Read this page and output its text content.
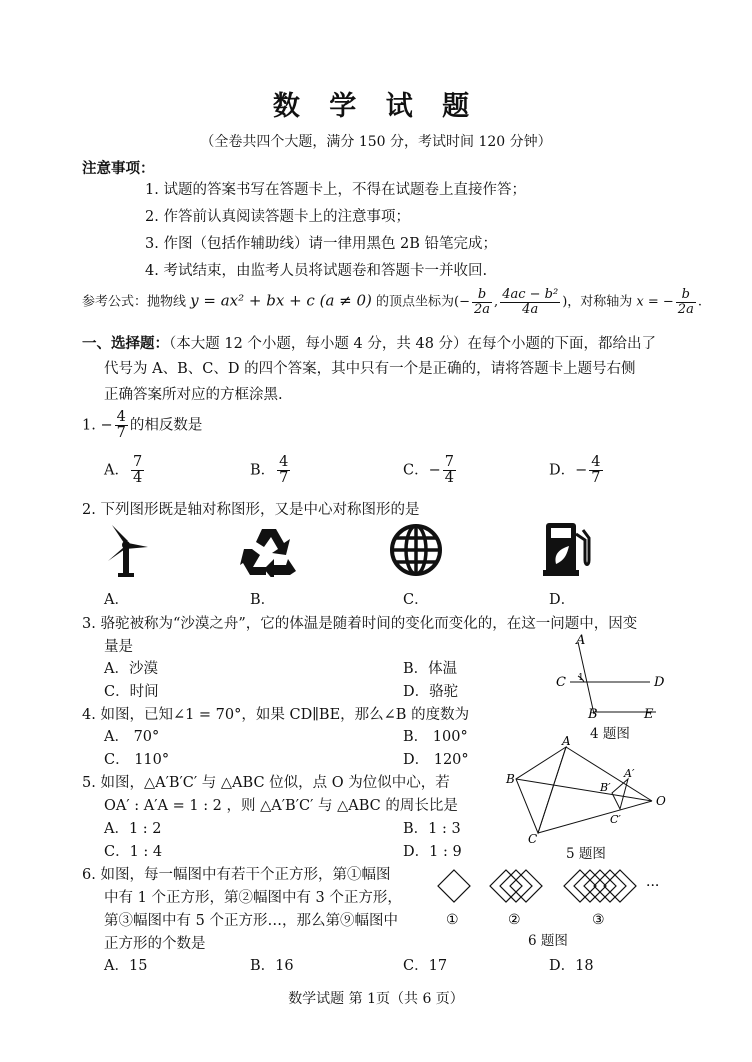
数 学 试 题
（全卷共四个大题，满分 150 分，考试时间 120 分钟）
注意事项：
1. 试题的答案书写在答题卡上，不得在试题卷上直接作答；
2. 作答前认真阅读答题卡上的注意事项；
3. 作图（包括作辅助线）请一律用黑色 2B 铅笔完成；
4. 考试结束，由监考人员将试题卷和答题卡一并收回.
参考公式：抛物线 y = ax² + bx + c (a ≠ 0) 的顶点坐标为(− $\frac{b}{2a}$ , $\frac{\text{4ac − b²}}{4a}$ )，对称轴为 x = − $\frac{b}{2a}$ .
一、选择题：（本大题 12 个小题，每小题 4 分，共 48 分）在每个小题的下面，都给出了
代号为 A、B、C、D 的四个答案，其中只有一个是正确的，请将答题卡上题号右侧
正确答案所对应的方框涂黑.
1. − $\frac{4}{7}$ 的相反数是
A． $\frac{7}{4}$	B． $\frac{4}{7}$	C．− $\frac{7}{4}$	D．− $\frac{4}{7}$
2. 下列图形既是轴对称图形，又是中心对称图形的是
A．	B．	C．	D．
3. 骆驼被称为“沙漠之舟”，它的体温是随着时间的变化而变化的，在这一问题中，因变
量是
A．沙漠	B．体温
C．时间	D．骆驼
A
C	D
B	E
1
4 题图
4. 如图，已知∠1 = 70°，如果 CD∥BE，那么∠B 的度数为
A． 70°	B． 100°
C． 110°	D． 120°
A
B
C
O
A′
B′
C′
5 题图
5. 如图，△A′B′C′ 与 △ABC 位似，点 O 为位似中心，若
OA′ : A′A = 1 : 2 ，则 △A′B′C′ 与 △ABC 的周长比是
A．1 : 2	B．1 : 3
C．1 : 4	D．1 : 9
6. 如图，每一幅图中有若干个正方形，第①幅图
中有 1 个正方形，第②幅图中有 3 个正方形，
第③幅图中有 5 个正方形…，那么第⑨幅图中
正方形的个数是
···
①	②	③
6 题图
A．15	B．16	C．17	D．18
数学试题 第 1页（共 6 页）
